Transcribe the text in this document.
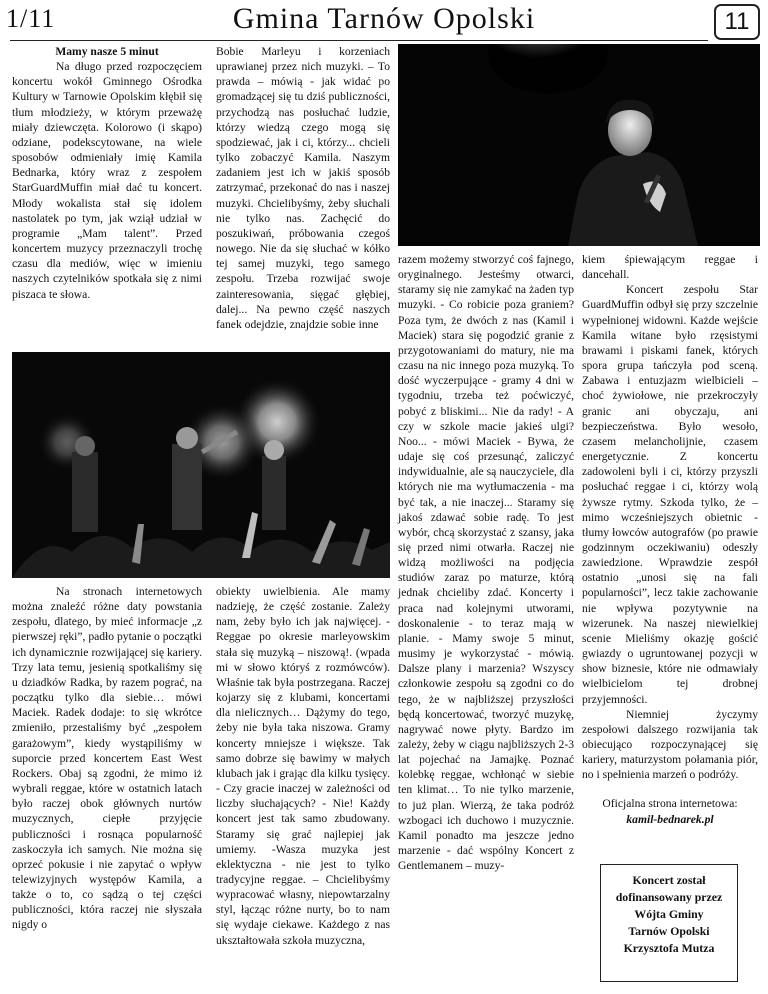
1/11	Gmina Tarnów Opolski	11

Mamy nasze 5 minut

Na długo przed rozpoczęciem koncertu wokół Gminnego Ośrodka Kultury w Tarnowie Opolskim kłębił się tłum młodzieży, w którym przeważę miały dziewczęta. Kolorowo (i skąpo) odziane, podekscytowane, na wiele sposobów odmieniały imię Kamila Bednarka, który wraz z zespołem StarGuardMuffin miał dać tu koncert. Młody wokalista stał się idolem nastolatek po tym, jak wziął udział w programie „Mam talent”. Przed koncertem muzycy przeznaczyli trochę czasu dla mediów, więc w imieniu naszych czytelników spotkała się z nimi piszaca te słowa.

Bobie Marleyu i korzeniach uprawianej przez nich muzyki. – To prawda – mówią - jak widać po gromadzącej się tu dziś publiczności, przychodzą nas posłuchać ludzie, którzy wiedzą czego mogą się spodziewać, jak i ci, którzy... chcieli tylko zobaczyć Kamila. Naszym zadaniem jest ich w jakiś sposób zatrzymać, przekonać do nas i naszej muzyki. Chcielibyśmy, żeby słuchali nie tylko nas. Zachęcić do poszukiwań, próbowania czegoś nowego. Nie da się słuchać w kółko tej samej muzyki, tego samego zespołu. Trzeba rozwijać swoje zainteresowania, sięgać głębiej, dalej... Na pewno część naszych fanek odejdzie, znajdzie sobie inne

Na stronach internetowych można znaleźć różne daty powstania zespołu, dlatego, by mieć informacje „z pierwszej ręki”, padło pytanie o początki ich dynamicznie rozwijającej się kariery. Trzy lata temu, jesienią spotkaliśmy się u dziadków Radka, by razem pograć, na początku tylko dla siebie… mówi Maciek. Radek dodaje: to się wkrótce zmieniło, przestaliśmy być „zespołem garażowym”, kiedy wystąpiliśmy w suporcie przed koncertem East West Rockers. Obaj są zgodni, że mimo iż wybrali reggae, które w ostatnich latach było raczej obok głównych nurtów muzycznych, ciepłe przyjęcie publiczności i rosnąca popularność zaskoczyła ich samych. Nie można się oprzeć pokusie i nie zapytać o wpływ telewizyjnych występów Kamila, a także o to, co sądzą o tej części publiczności, która raczej nie słyszała nigdy o

obiekty uwielbienia. Ale mamy nadzieję, że część zostanie. Zależy nam, żeby było ich jak najwięcej. - Reggae po okresie marleyowskim stała się muzyką – niszową!. (wpada mi w słowo któryś z rozmówców). Właśnie tak była postrzegana. Raczej kojarzy się z klubami, koncertami dla nielicznych… Dążymy do tego, żeby nie była taka niszowa. Gramy koncerty mniejsze i większe. Tak samo dobrze się bawimy w małych klubach jak i grając dla kilku tysięcy. - Czy gracie inaczej w zależności od liczby słuchających? - Nie! Każdy koncert jest tak samo zbudowany. Staramy się grać najlepiej jak umiemy. -Wasza muzyka jest eklektyczna - nie jest to tylko tradycyjne reggae. – Chcielibyśmy wypracować własny, niepowtarzalny styl, łącząc różne nurty, bo to nam się wydaje ciekawe. Każdego z nas ukształtowała szkoła muzyczna,

razem możemy stworzyć coś fajnego, oryginalnego. Jesteśmy otwarci, staramy się nie zamykać na żaden typ muzyki. - Co robicie poza graniem? Poza tym, że dwóch z nas (Kamil i Maciek) stara się pogodzić granie z przygotowaniami do matury, nie ma czasu na nic innego poza muzyką. To dość wyczerpujące - gramy 4 dni w tygodniu, trzeba też poćwiczyć, pobyć z bliskimi... Nie da rady! - A czy w szkole macie jakieś ulgi? Noo... - mówi Maciek - Bywa, że udaje się coś przesunąć, zaliczyć indywidualnie, ale są nauczyciele, dla których nie ma wytłumaczenia - ma być tak, a nie inaczej... Staramy się jakoś zdawać sobie radę. To jest wybór, chcą skorzystać z szansy, jaka się przed nimi otwarła. Raczej nie widzą możliwości na podjęcia studiów zaraz po maturze, którą jednak chcieliby zdać. Koncerty i praca nad kolejnymi utworami, doskonalenie - to teraz mają w planie. - Mamy swoje 5 minut, musimy je wykorzystać - mówią. Dalsze plany i marzenia? Wszyscy członkowie zespołu są zgodni co do tego, że w najbliższej przyszłości będą koncertować, tworzyć muzykę, nagrywać nowe płyty. Bardzo im zależy, żeby w ciągu najbliższych 2-3 lat pojechać na Jamajkę. Poznać kolebkę reggae, wchłonąć w siebie ten klimat… To nie tylko marzenie, to już plan. Wierzą, że taka podróż wzbogaci ich duchowo i muzycznie. Kamil ponadto ma jeszcze jedno marzenie - dać wspólny Koncert z Gentlemanem – muzy-

kiem śpiewającym reggae i dancehall.

Koncert zespołu Star GuardMuffin odbył się przy szczelnie wypełnionej widowni. Każde wejście Kamila witane było rzęsistymi brawami i piskami fanek, których spora grupa tańczyła pod sceną. Zabawa i entuzjazm wielbicieli – choć żywiołowe, nie przekroczyły granic ani obyczaju, ani bezpieczeństwa. Było wesoło, czasem melancholijnie, czasem energetycznie. Z koncertu zadowoleni byli i ci, którzy przyszli posłuchać reggae i ci, którzy wolą żywsze rytmy. Szkoda tylko, że – mimo wcześniejszych obietnic - tłumy łowców autografów (po prawie godzinnym oczekiwaniu) odeszły zawiedzione. Wprawdzie zespół ostatnio „unosi się na fali popularności”, lecz takie zachowanie nie wpływa pozytywnie na wizerunek. Na naszej niewielkiej scenie Mieliśmy okazję gościć gwiazdy o ugruntowanej pozycji w show biznesie, które nie odmawiały wielbicielom tej drobnej przyjemności.

Niemniej życzymy zespołowi dalszego rozwijania tak obiecująco rozpoczynającej się kariery, maturzystom połamania piór, no i spełnienia marzeń o podróży.

Oficjalna strona internetowa:
kamil-bednarek.pl
Koncert został
dofinansowany przez
Wójta Gminy
Tarnów Opolski
Krzysztofa Mutza
